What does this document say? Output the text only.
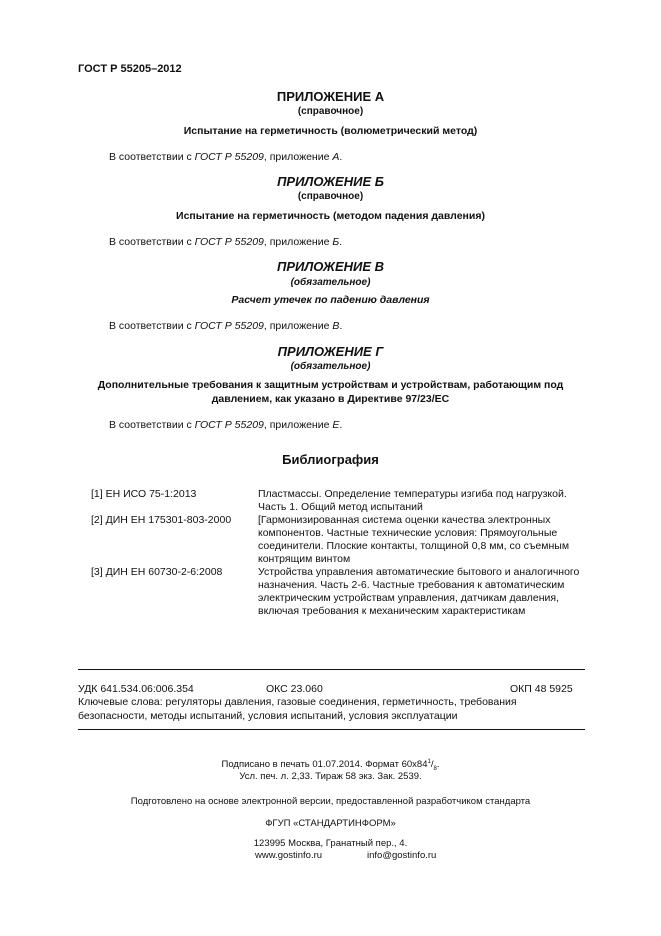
ГОСТ Р 55205–2012
ПРИЛОЖЕНИЕ А
(справочное)
Испытание на герметичность (волюметрический метод)
В соответствии с ГОСТ Р 55209, приложение А.
ПРИЛОЖЕНИЕ Б
(справочное)
Испытание на герметичность (методом падения давления)
В соответствии с ГОСТ Р 55209, приложение Б.
ПРИЛОЖЕНИЕ В
(обязательное)
Расчет утечек по падению давления
В соответствии с ГОСТ Р 55209, приложение В.
ПРИЛОЖЕНИЕ Г
(обязательное)
Дополнительные требования к защитным устройствам и устройствам, работающим под
давлением, как указано в Директиве 97/23/ЕС
В соответствии с ГОСТ Р 55209, приложение Е.
Библиография
[1] ЕН ИСО 75-1:2013	Пластмассы. Определение температуры изгиба под нагрузкой.
Часть 1. Общий метод испытаний
[2] ДИН ЕН 175301-803-2000	[Гармонизированная система оценки качества электронных
компонентов. Частные технические условия: Прямоугольные
соединители. Плоские контакты, толщиной 0,8 мм, со съемным
контрящим винтом
[3] ДИН ЕН 60730-2-6:2008	Устройства управления автоматические бытового и аналогичного
назначения. Часть 2-6. Частные требования к автоматическим
электрическим устройствам управления, датчикам давления,
включая требования к механическим характеристикам
УДК 641.534.06:006.354	ОКС 23.060	ОКП 48 5925
Ключевые слова: регуляторы давления, газовые соединения, герметичность, требования
безопасности, методы испытаний, условия испытаний, условия эксплуатации
Подписано в печать 01.07.2014. Формат $60x84^1/_8$.
Усл. печ. л. 2,33. Тираж 58 экз. Зак. 2539.
Подготовлено на основе электронной версии, предоставленной разработчиком стандарта
ФГУП «СТАНДАРТИНФОРМ»
123995 Москва, Гранатный пер., 4.
www.gostinfo.ru	info@gostinfo.ru
